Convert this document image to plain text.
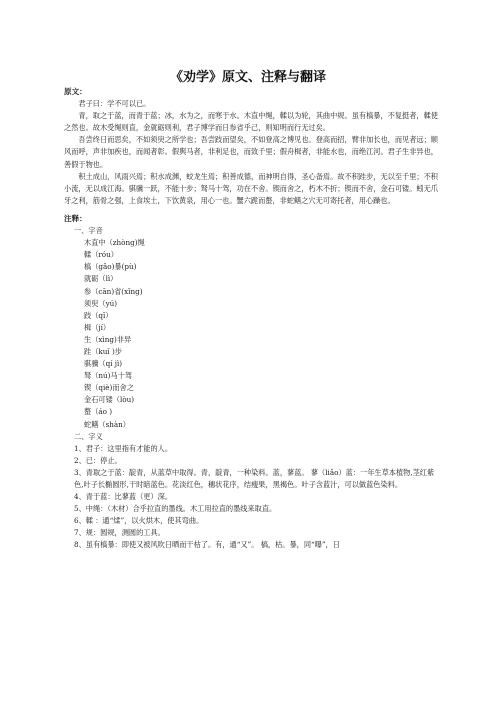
《劝学》原文、注释与翻译
原文：

君子曰：学不可以已。

青，取之于蓝，而青于蓝；冰，水为之，而寒于水。木直中绳，輮以为轮，其曲中规。虽有槁暴，不复挺者，輮使之然也。故木受绳则直，金就砺则利，君子博学而日参省乎己，则知明而行无过矣。

吾尝终日而思矣，不如须臾之所学也；吾尝跂而望矣，不如登高之博见也。登高而招，臂非加长也，而见者远；顺风而呼，声非加疾也，而闻者彰。假舆马者，非利足也，而致千里；假舟楫者，非能水也，而绝江河。君子生非异也，善假于物也。

积土成山，风雨兴焉；积水成渊，蛟龙生焉；积善成德，而神明自得，圣心备焉。故不积跬步，无以至千里；不积小流，无以成江海。骐骥一跃，不能十步；驽马十驾，功在不舍。锲而舍之，朽木不折；锲而不舍，金石可镂。蚓无爪牙之利，筋骨之强，上食埃土，下饮黄泉，用心一也。蟹六跪而螯，非蛇鳝之穴无可寄托者，用心躁也。

注释：

一、字音

木直中（zhòng)绳

輮（róu）

槁（gǎo)暴(pù)

就砺（lì）

参（cān)省(xǐng)

须臾（yú)

跂（qǐ）

楫（jí）

生（xìng)非异

跬（kuǐ )步

骐骥（qí jì)

驽（nú)马十驾

锲（qiè)而舍之

金石可镂（lòu)

螯（áo )

蛇鳝（shàn）

二、字义

1、君子：这里指有才能的人。

2、已：停止。

3、青取之于蓝：靛青，从蓝草中取得。青，靛青，一种染料。蓝，蓼蓝。 蓼（liǎo）蓝：一年生草本植物,茎红紫色,叶子长椭圆形,干时暗蓝色。花淡红色，穗状花序，结瘦果，黑褐色。叶子含蓝汁，可以做蓝色染料。

4、青于蓝：比蓼蓝（更）深。

5、中绳：（木材）合乎拉直的墨线。木工用拉直的墨线来取直。

6、輮 ：通“煣”，以火烘木，使其弯曲。

7、规：圆规，测圆的工具。

8、虽有槁暴：即使又被风吹日晒而干枯了。有，通“又”。 槁，枯。暴，同“曝”，日
